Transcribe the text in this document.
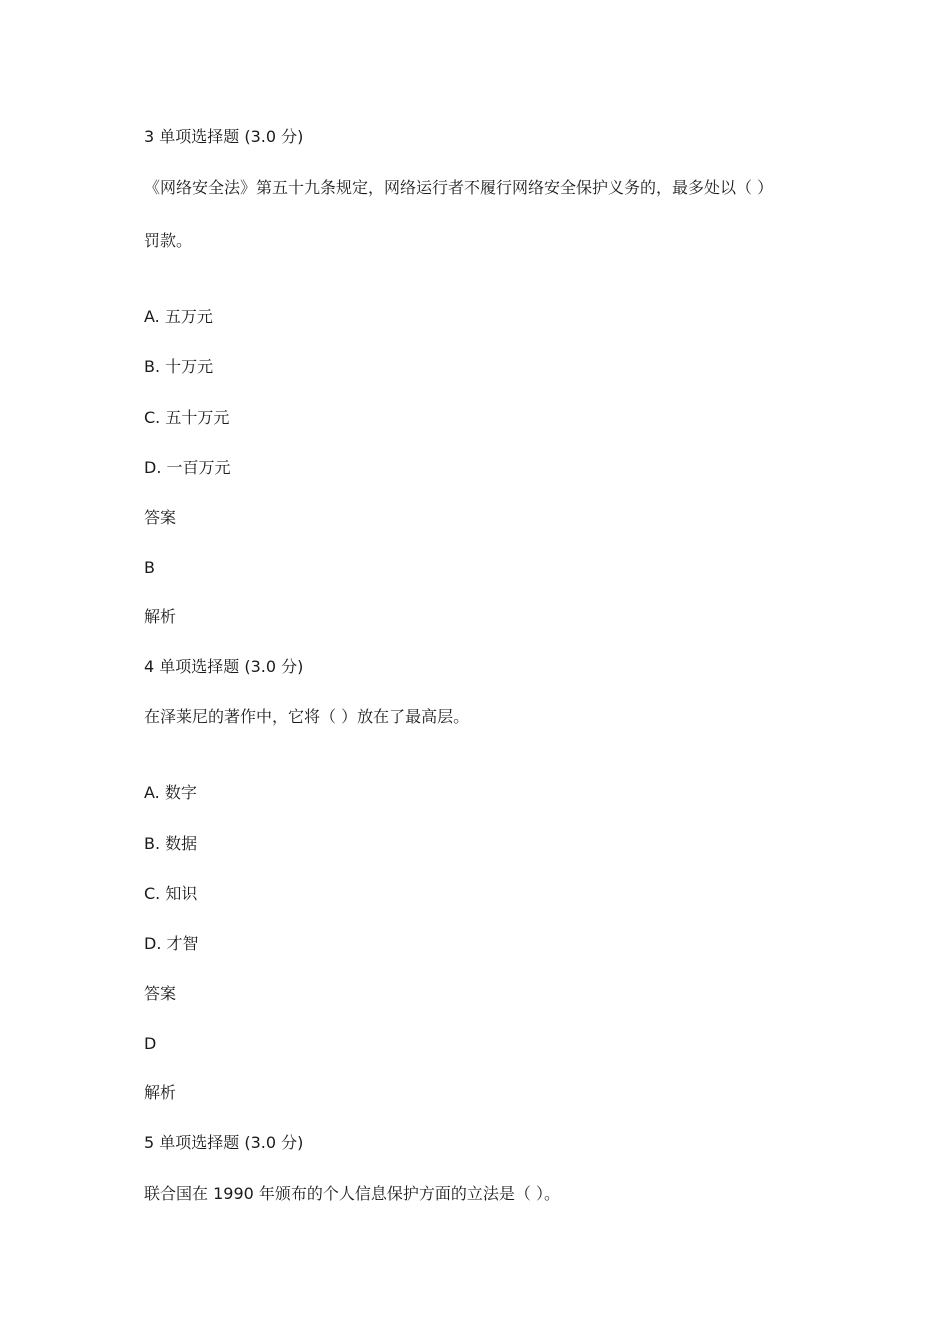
3 单项选择题 (3.0 分)
《网络安全法》第五十九条规定，网络运行者不履行网络安全保护义务的，最多处以（ ）
罚款。
A. 五万元
B. 十万元
C. 五十万元
D. 一百万元
答案
B
解析
4 单项选择题 (3.0 分)
在泽莱尼的著作中，它将（ ）放在了最高层。
A. 数字
B. 数据
C. 知识
D. 才智
答案
D
解析
5 单项选择题 (3.0 分)
联合国在 1990 年颁布的个人信息保护方面的立法是（ ）。
